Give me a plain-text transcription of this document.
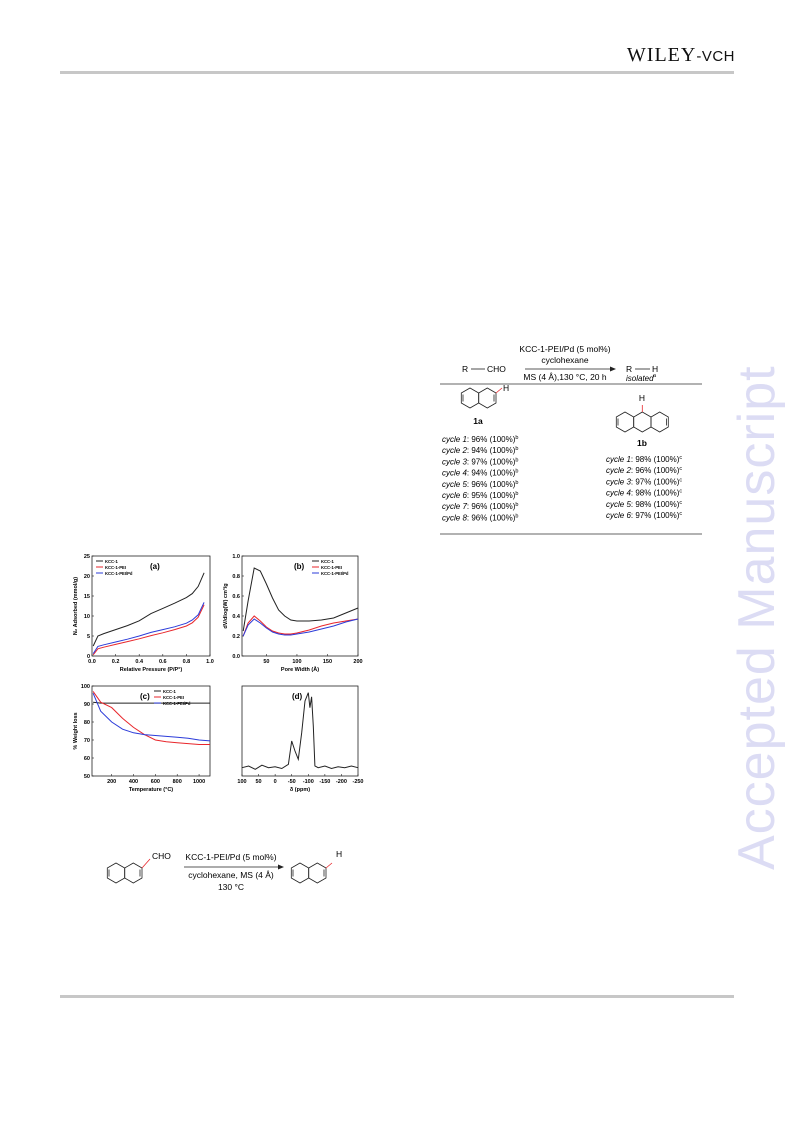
WILEY-VCH
Accepted Manuscript
KCC-1-PEI/Pd (5 mol%)
cyclohexane
R CHO
MS (4 Å),130 °C, 20 h
R H
isolated a
H
1a
H
1b
cycle 1: 96% $(100\%)^b$
cycle 2: 94% $(100\%)^b$
cycle 3: 97% $(100\%)^b$
cycle 4: 94% $(100\%)^b$
cycle 5: 96% $(100\%)^b$
cycle 6: 95% $(100\%)^b$
cycle 7: 96% $(100\%)^b$
cycle 8: 96% $(100\%)^b$
cycle 1: 98% $(100\%)^c$
cycle 2: 96% $(100\%)^c$
cycle 3: 97% $(100\%)^c$
cycle 4: 98% $(100\%)^c$
cycle 5: 98% $(100\%)^c$
cycle 6: 97% $(100\%)^c$
0.0	0.2	0.4	0.6	0.8	1.0
0
5
10
15
20
25
Relative Pressure (P/P°)
N₂ Adsorbed (mmol/g)
(a)
KCC-1
KCC-1-PEI
KCC-1-PEI/Pd
50	100	150	200
0.0
0.2
0.4
0.6
0.8
1.0
Pore Width (Å)
dV/dlog(W) cm³/g
(b)
KCC-1
KCC-1-PEI
KCC-1-PEI/Pd
200 400 600 800 1000
50
60
70
80
90
100
Temperature (°C)
% Weight loss
(c)
KCC-1
KCC-1-PEI
KCC-1-PEI/Pd
100 50 0 -50 -100 -150 -200 -250
δ (ppm)
(d)
CHO KCC-1-PEI/Pd (5 mol%)
cyclohexane, MS (4 Å)
130 °C
H
